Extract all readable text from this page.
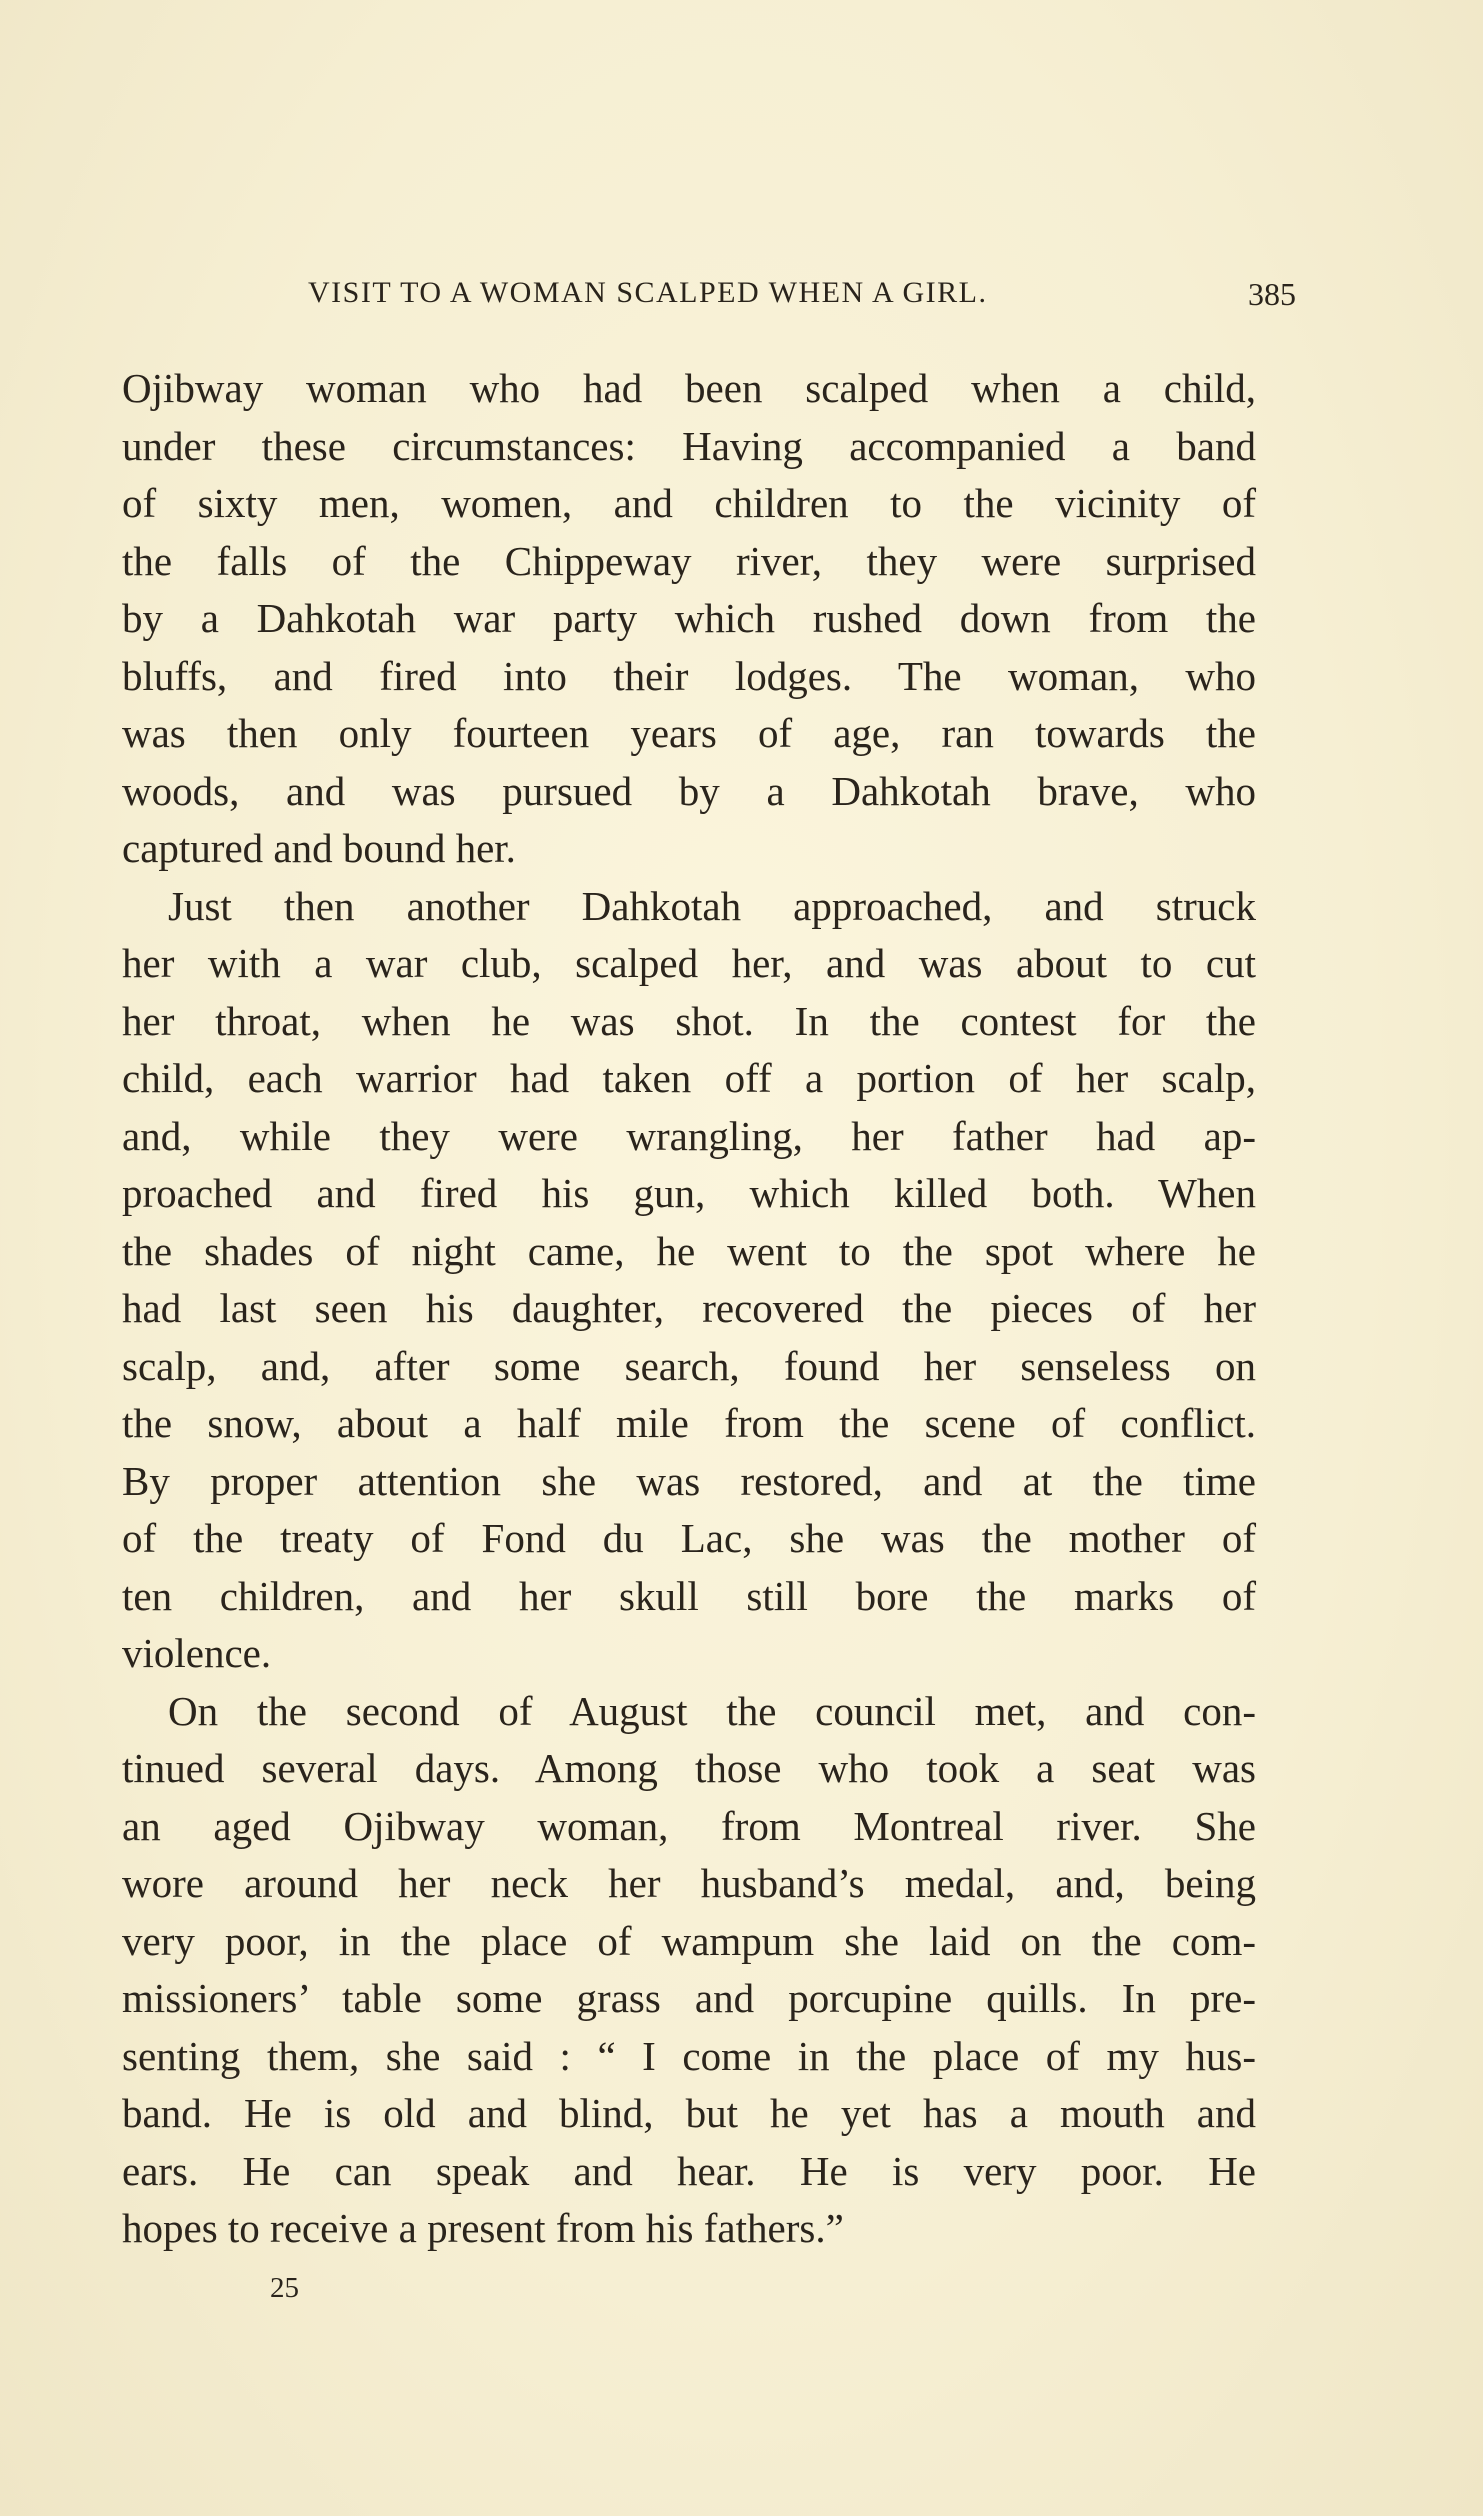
VISIT TO A WOMAN SCALPED WHEN A GIRL.	385
Ojibway woman who had been scalped when a child,
under these circumstances: Having accompanied a band
of sixty men, women, and children to the vicinity of
the falls of the Chippeway river, they were surprised
by a Dahkotah war party which rushed down from the
bluffs, and fired into their lodges. The woman, who
was then only fourteen years of age, ran towards the
woods, and was pursued by a Dahkotah brave, who
captured and bound her.
Just then another Dahkotah approached, and struck
her with a war club, scalped her, and was about to cut
her throat, when he was shot. In the contest for the
child, each warrior had taken off a portion of her scalp,
and, while they were wrangling, her father had ap-
proached and fired his gun, which killed both. When
the shades of night came, he went to the spot where he
had last seen his daughter, recovered the pieces of her
scalp, and, after some search, found her senseless on
the snow, about a half mile from the scene of conflict.
By proper attention she was restored, and at the time
of the treaty of Fond du Lac, she was the mother of
ten children, and her skull still bore the marks of
violence.
On the second of August the council met, and con-
tinued several days. Among those who took a seat was
an aged Ojibway woman, from Montreal river. She
wore around her neck her husband’s medal, and, being
very poor, in the place of wampum she laid on the com-
missioners’ table some grass and porcupine quills. In pre-
senting them, she said : “ I come in the place of my hus-
band. He is old and blind, but he yet has a mouth and
ears. He can speak and hear. He is very poor. He
hopes to receive a present from his fathers.”
25
